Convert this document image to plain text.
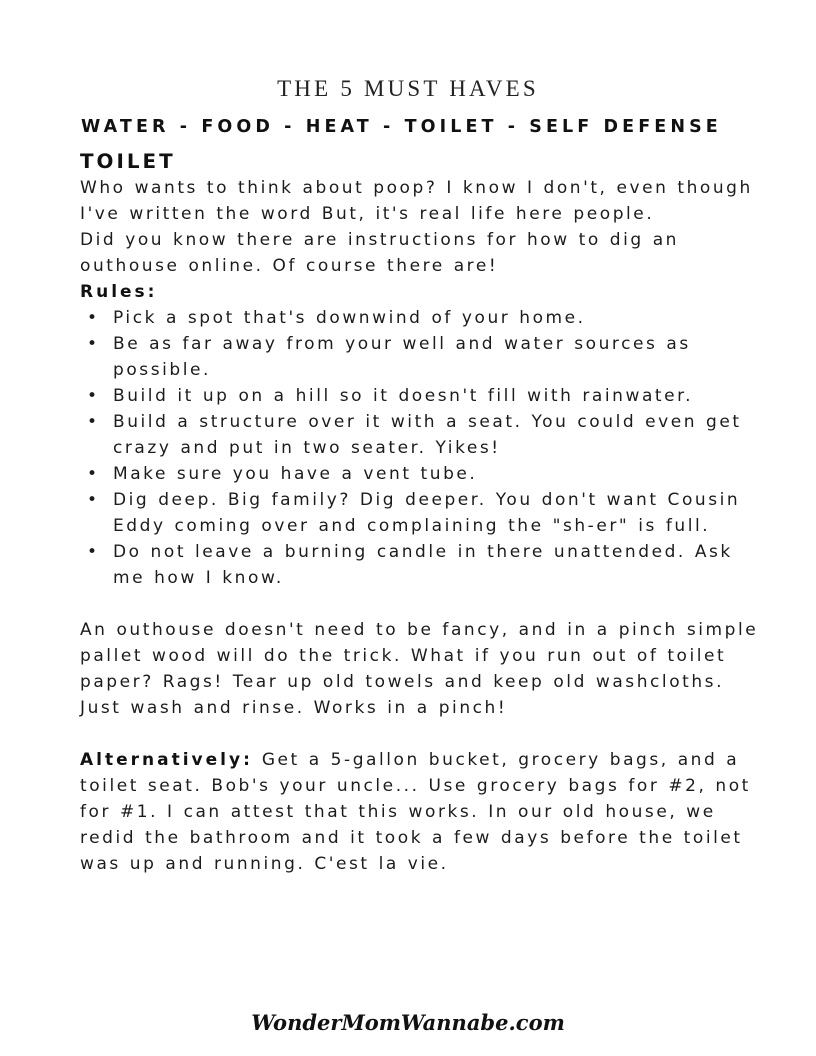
THE 5 MUST HAVES
WATER - FOOD - HEAT - TOILET - SELF DEFENSE
TOILET

Who wants to think about poop? I know I don't, even though I've written the word But, it's real life here people.

Did you know there are instructions for how to dig an outhouse online. Of course there are!

Rules:
• Pick a spot that's downwind of your home.
• Be as far away from your well and water sources as possible.
• Build it up on a hill so it doesn't fill with rainwater.
• Build a structure over it with a seat. You could even get crazy and put in two seater. Yikes!
• Make sure you have a vent tube.
• Dig deep. Big family? Dig deeper. You don't want Cousin Eddy coming over and complaining the "sh-er" is full.
• Do not leave a burning candle in there unattended. Ask me how I know.

An outhouse doesn't need to be fancy, and in a pinch simple pallet wood will do the trick. What if you run out of toilet paper? Rags! Tear up old towels and keep old washcloths. Just wash and rinse. Works in a pinch!

Alternatively: Get a 5-gallon bucket, grocery bags, and a toilet seat. Bob's your uncle... Use grocery bags for #2, not for #1. I can attest that this works. In our old house, we redid the bathroom and it took a few days before the toilet was up and running. C'est la vie.

WonderMomWannabe.com
